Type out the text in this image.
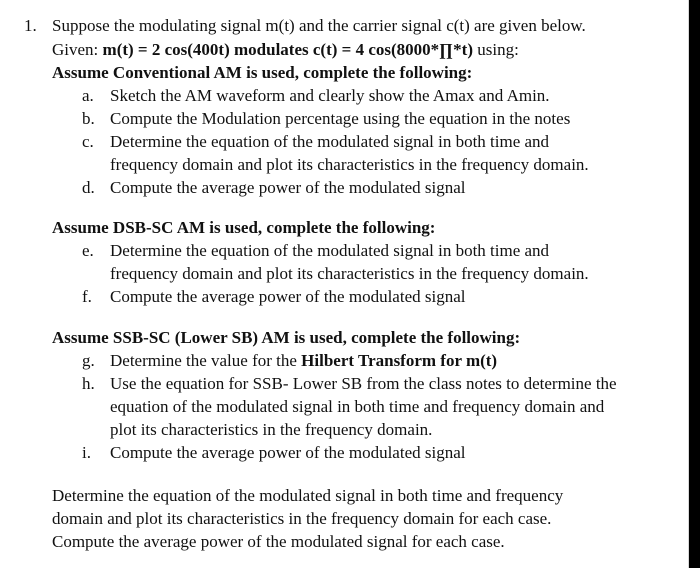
1. Suppose the modulating signal m(t) and the carrier signal c(t) are given below.
Given: m(t) = 2 cos(400t) modulates c(t) = 4 cos(8000*∏*t) using:
Assume Conventional AM is used, complete the following:
a. Sketch the AM waveform and clearly show the Amax and Amin.
b. Compute the Modulation percentage using the equation in the notes
c. Determine the equation of the modulated signal in both time and
frequency domain and plot its characteristics in the frequency domain.
d. Compute the average power of the modulated signal
Assume DSB-SC AM is used, complete the following:
e. Determine the equation of the modulated signal in both time and
frequency domain and plot its characteristics in the frequency domain.
f. Compute the average power of the modulated signal
Assume SSB-SC (Lower SB) AM is used, complete the following:
g. Determine the value for the Hilbert Transform for m(t)
h. Use the equation for SSB- Lower SB from the class notes to determine the
equation of the modulated signal in both time and frequency domain and
plot its characteristics in the frequency domain.
i. Compute the average power of the modulated signal
Determine the equation of the modulated signal in both time and frequency
domain and plot its characteristics in the frequency domain for each case.
Compute the average power of the modulated signal for each case.
